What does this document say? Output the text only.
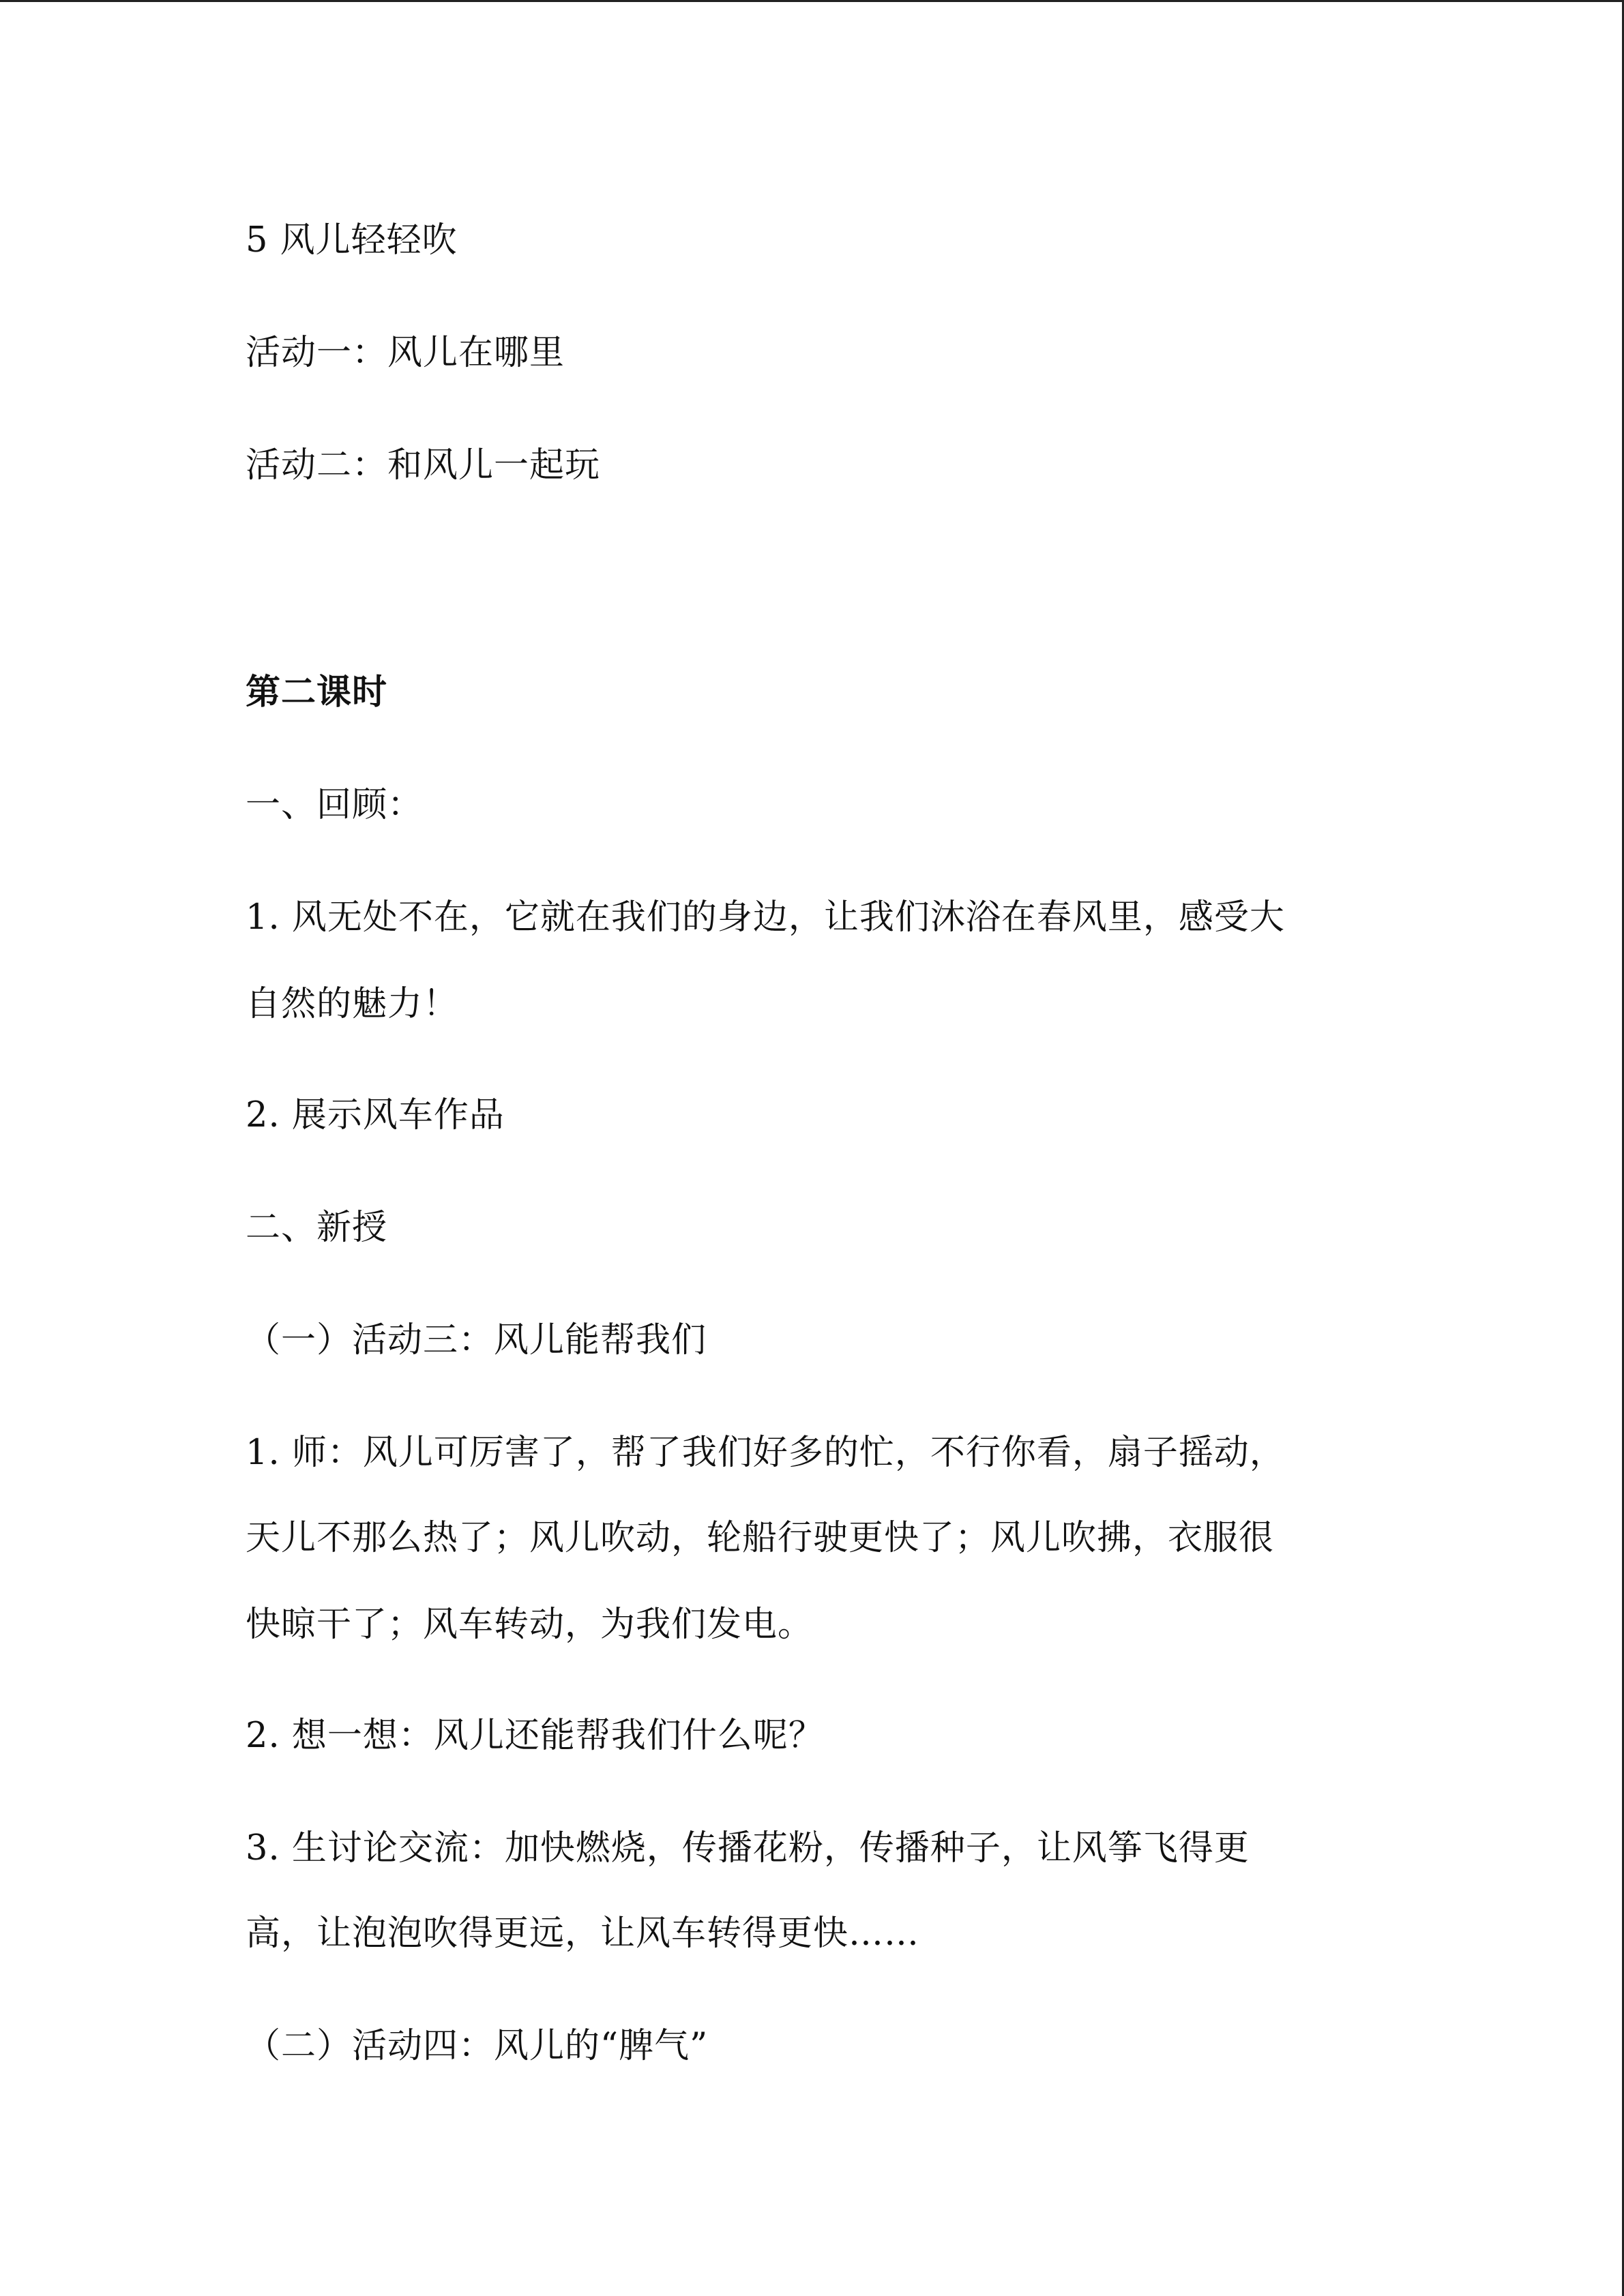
5 风儿轻轻吹

活动一：风儿在哪里

活动二：和风儿一起玩

第二课时

一、回顾：

1. 风无处不在，它就在我们的身边，让我们沐浴在春风里，感受大

自然的魅力！

2. 展示风车作品

二、新授

（一）活动三：风儿能帮我们

1. 师：风儿可厉害了，帮了我们好多的忙，不行你看，扇子摇动，

天儿不那么热了；风儿吹动，轮船行驶更快了；风儿吹拂，衣服很

快晾干了；风车转动，为我们发电。

2. 想一想：风儿还能帮我们什么呢？

3. 生讨论交流：加快燃烧，传播花粉，传播种子，让风筝飞得更

高，让泡泡吹得更远，让风车转得更快……

（二）活动四：风儿的“脾气”
